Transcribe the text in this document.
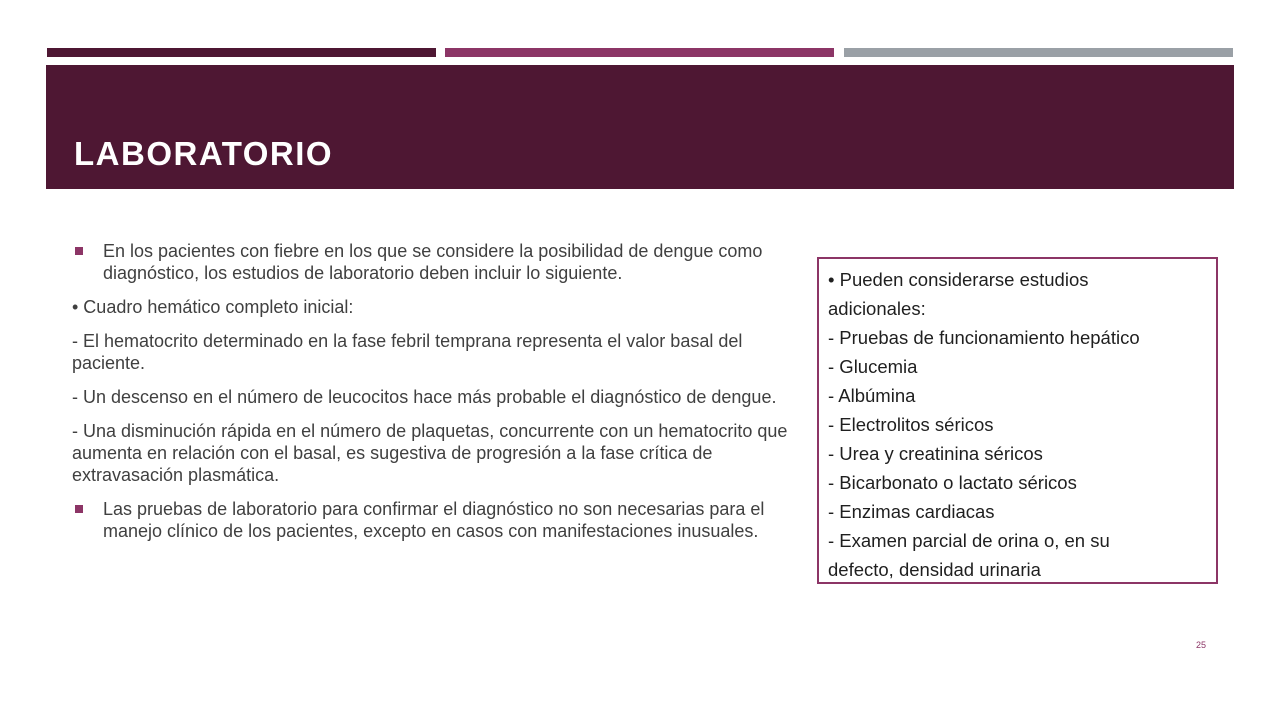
LABORATORIO

En los pacientes con fiebre en los que se considere la posibilidad de dengue como diagnóstico, los estudios de laboratorio deben incluir lo siguiente.

• Cuadro hemático completo inicial:

- El hematocrito determinado en la fase febril temprana representa el valor basal del paciente.

- Un descenso en el número de leucocitos hace más probable el diagnóstico de dengue.

- Una disminución rápida en el número de plaquetas, concurrente con un hematocrito que aumenta en relación con el basal, es sugestiva de progresión a la fase crítica de extravasación plasmática.

Las pruebas de laboratorio para confirmar el diagnóstico no son necesarias para el manejo clínico de los pacientes, excepto en casos con manifestaciones inusuales.

• Pueden considerarse estudios
adicionales:
- Pruebas de funcionamiento hepático
- Glucemia
- Albúmina
- Electrolitos séricos
- Urea y creatinina séricos
- Bicarbonato o lactato séricos
- Enzimas cardiacas
- Examen parcial de orina o, en su
defecto, densidad urinaria
25
